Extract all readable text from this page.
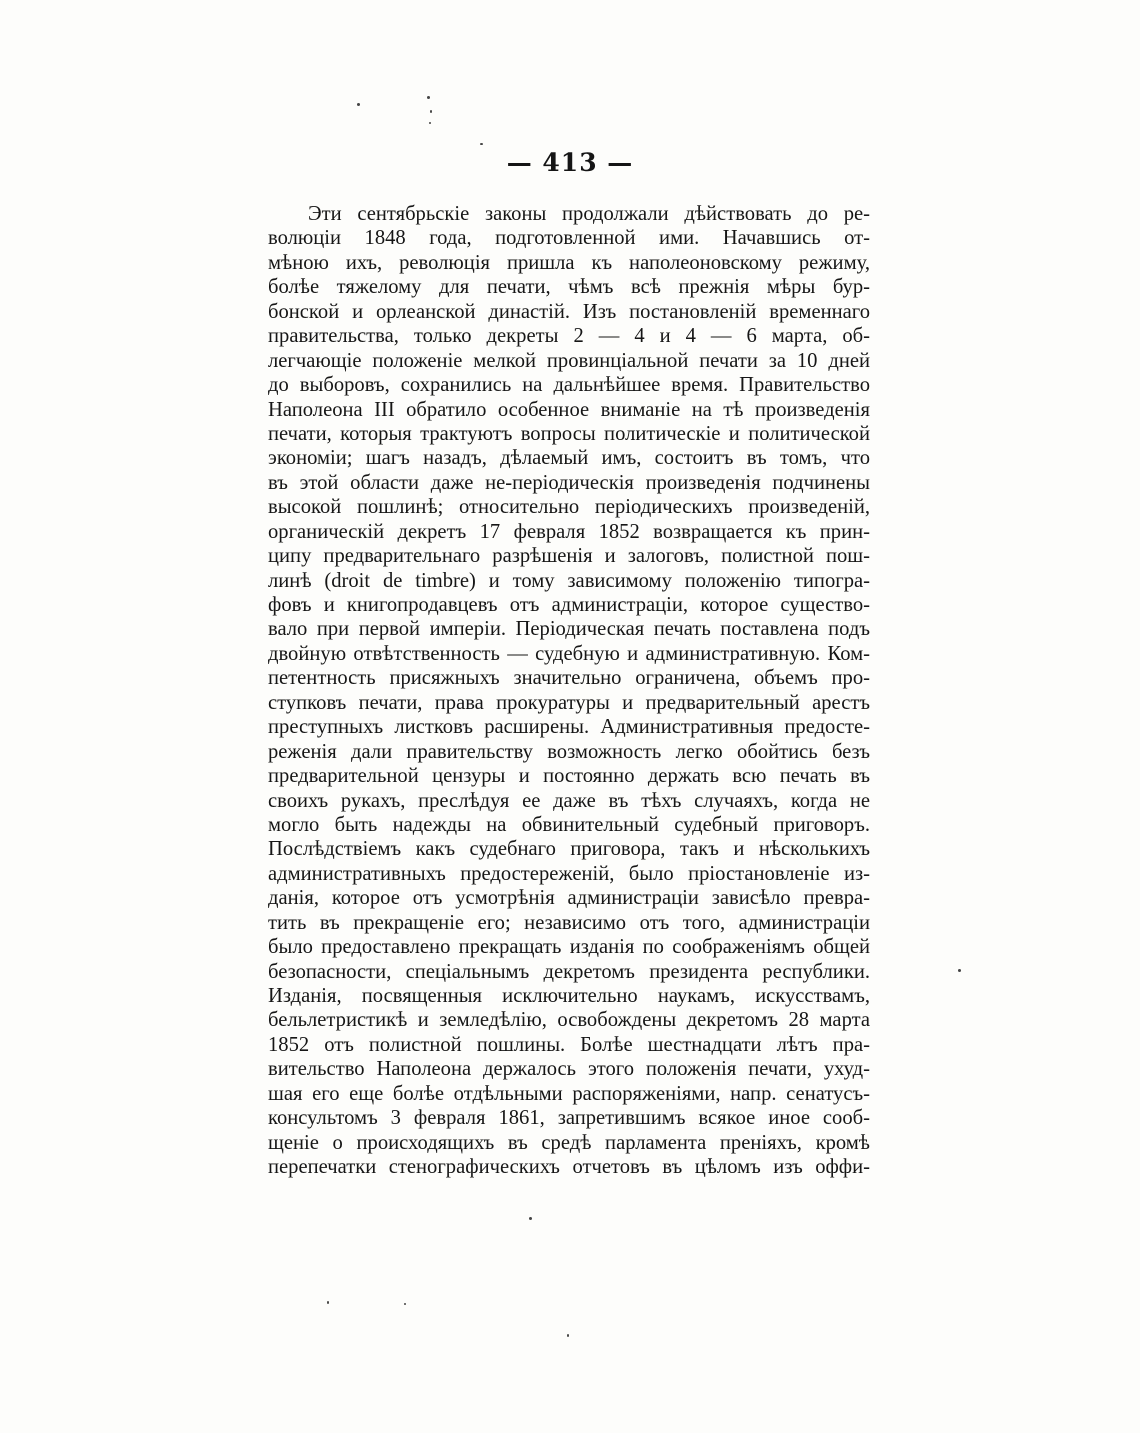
— 413 —
Эти сентябрьскіе законы продолжали дѣйствовать до ре-
волюціи 1848 года, подготовленной ими. Начавшись от-
мѣною ихъ, революція пришла къ наполеоновскому режиму,
болѣе тяжелому для печати, чѣмъ всѣ прежнія мѣры бур-
бонской и орлеанской династій. Изъ постановленій временнаго
правительства, только декреты 2 — 4 и 4 — 6 марта, об-
легчающіе положеніе мелкой провинціальной печати за 10 дней
до выборовъ, сохранились на дальнѣйшее время. Правительство
Наполеона III обратило особенное вниманіе на тѣ произведенія
печати, которыя трактуютъ вопросы политическіе и политической
экономіи; шагъ назадъ, дѣлаемый имъ, состоитъ въ томъ, что
въ этой области даже не-періодическія произведенія подчинены
высокой пошлинѣ; относительно періодическихъ произведеній,
органическій декретъ 17 февраля 1852 возвращается къ прин-
ципу предварительнаго разрѣшенія и залоговъ, полистной пош-
линѣ (droit de timbre) и тому зависимому положенію типогра-
фовъ и книгопродавцевъ отъ администраціи, которое существо-
вало при первой имперіи. Періодическая печать поставлена подъ
двойную отвѣтственность — судебную и административную. Ком-
петентность присяжныхъ значительно ограничена, объемъ про-
ступковъ печати, права прокуратуры и предварительный арестъ
преступныхъ листковъ расширены. Административныя предосте-
реженія дали правительству возможность легко обойтись безъ
предварительной цензуры и постоянно держать всю печать въ
своихъ рукахъ, преслѣдуя ее даже въ тѣхъ случаяхъ, когда не
могло быть надежды на обвинительный судебный приговоръ.
Послѣдствіемъ какъ судебнаго приговора, такъ и нѣсколькихъ
административныхъ предостереженій, было пріостановленіе из-
данія, которое отъ усмотрѣнія администраціи зависѣло превра-
тить въ прекращеніе его; независимо отъ того, администраціи
было предоставлено прекращать изданія по соображеніямъ общей
безопасности, спеціальнымъ декретомъ президента республики.
Изданія, посвященныя исключительно наукамъ, искусствамъ,
бельлетристикѣ и земледѣлію, освобождены декретомъ 28 марта
1852 отъ полистной пошлины. Болѣе шестнадцати лѣтъ пра-
вительство Наполеона держалось этого положенія печати, ухуд-
шая его еще болѣе отдѣльными распоряженіями, напр. сенатусъ-
консультомъ 3 февраля 1861, запретившимъ всякое иное сооб-
щеніе о происходящихъ въ средѣ парламента преніяхъ, кромѣ
перепечатки стенографическихъ отчетовъ въ цѣломъ изъ оффи-
